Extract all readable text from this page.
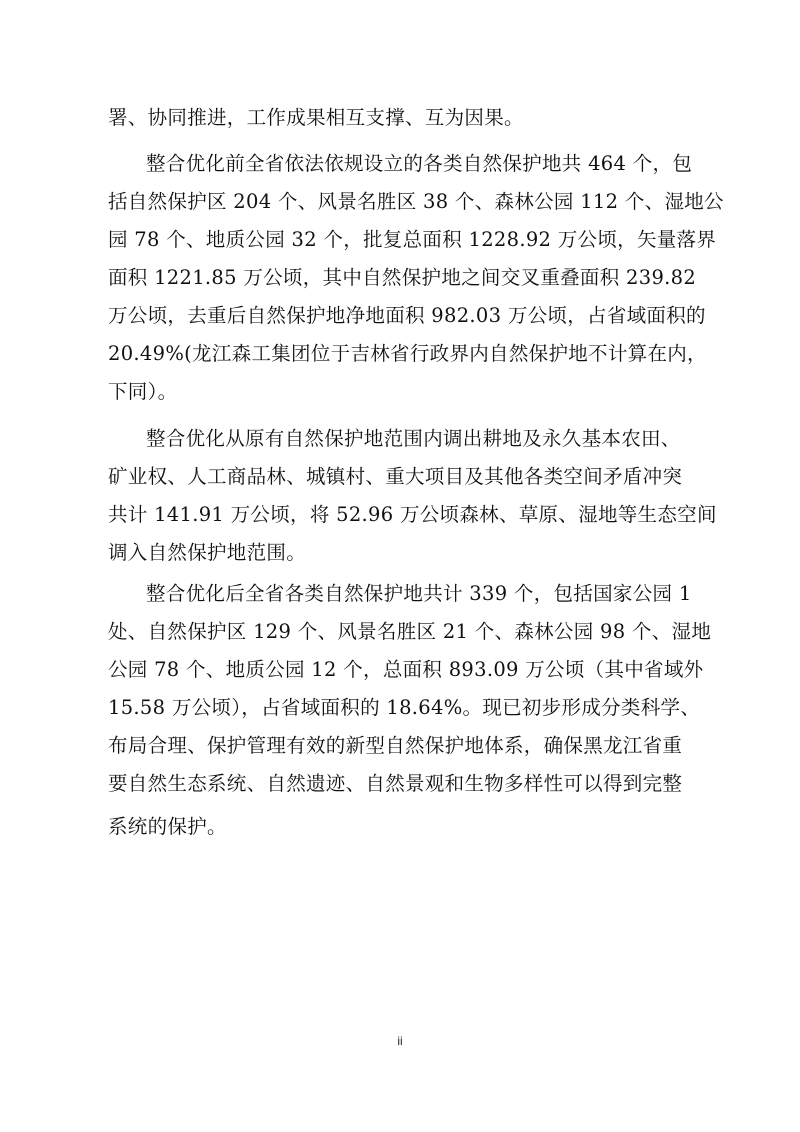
署、协同推进，工作成果相互支撑、互为因果。
整合优化前全省依法依规设立的各类自然保护地共 464 个，包
括自然保护区 204 个、风景名胜区 38 个、森林公园 112 个、湿地公
园 78 个、地质公园 32 个，批复总面积 1228.92 万公顷，矢量落界
面积 1221.85 万公顷，其中自然保护地之间交叉重叠面积 239.82
万公顷，去重后自然保护地净地面积 982.03 万公顷，占省域面积的
20.49%(龙江森工集团位于吉林省行政界内自然保护地不计算在内，
下同）。
整合优化从原有自然保护地范围内调出耕地及永久基本农田、
矿业权、人工商品林、城镇村、重大项目及其他各类空间矛盾冲突
共计 141.91 万公顷，将 52.96 万公顷森林、草原、湿地等生态空间
调入自然保护地范围。
整合优化后全省各类自然保护地共计 339 个，包括国家公园 1
处、自然保护区 129 个、风景名胜区 21 个、森林公园 98 个、湿地
公园 78 个、地质公园 12 个，总面积 893.09 万公顷（其中省域外
15.58 万公顷），占省域面积的 18.64%。现已初步形成分类科学、
布局合理、保护管理有效的新型自然保护地体系，确保黑龙江省重
要自然生态系统、自然遗迹、自然景观和生物多样性可以得到完整
系统的保护。
ii
